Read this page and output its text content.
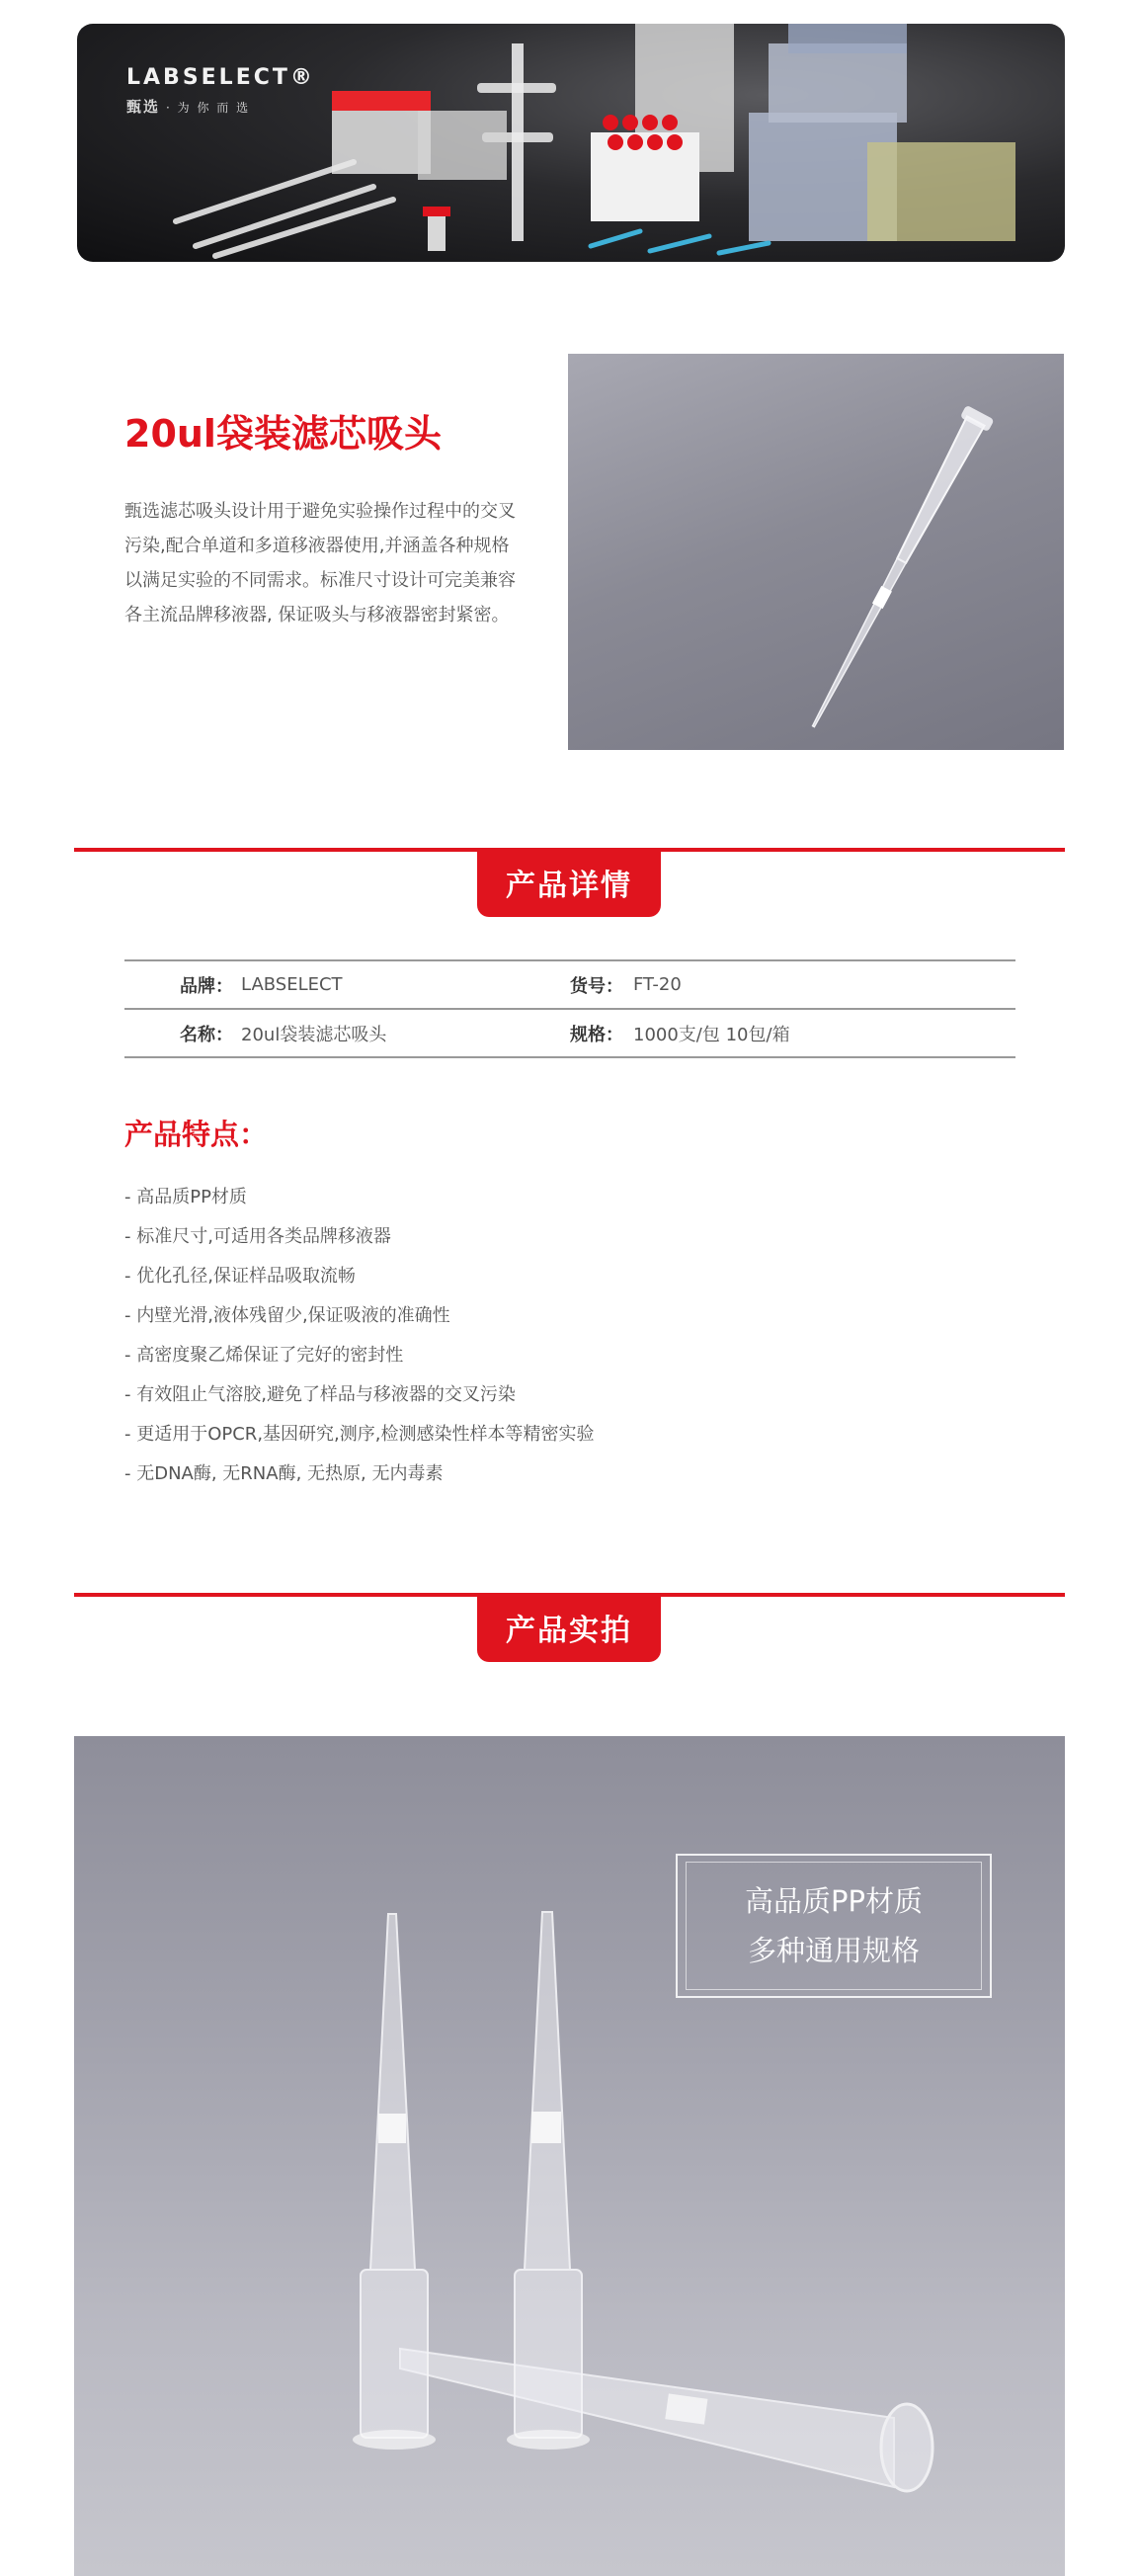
LABSELECT®
甄选 · 为 你 而 选
20ul袋装滤芯吸头

甄选滤芯吸头设计用于避免实验操作过程中的交叉污染,配合单道和多道移液器使用,并涵盖各种规格以满足实验的不同需求。标准尺寸设计可完美兼容各主流品牌移液器, 保证吸头与移液器密封紧密。

产品详情
品牌： LABSELECT	货号： FT-20
名称： 20ul袋装滤芯吸头	规格： 1000支/包 10包/箱
产品特点：
- 高品质PP材质
- 标准尺寸,可适用各类品牌移液器
- 优化孔径,保证样品吸取流畅
- 内壁光滑,液体残留少,保证吸液的准确性
- 高密度聚乙烯保证了完好的密封性
- 有效阻止气溶胶,避免了样品与移液器的交叉污染
- 更适用于OPCR,基因研究,测序,检测感染性样本等精密实验
- 无DNA酶, 无RNA酶, 无热原, 无内毒素
产品实拍
高品质PP材质
多种通用规格
